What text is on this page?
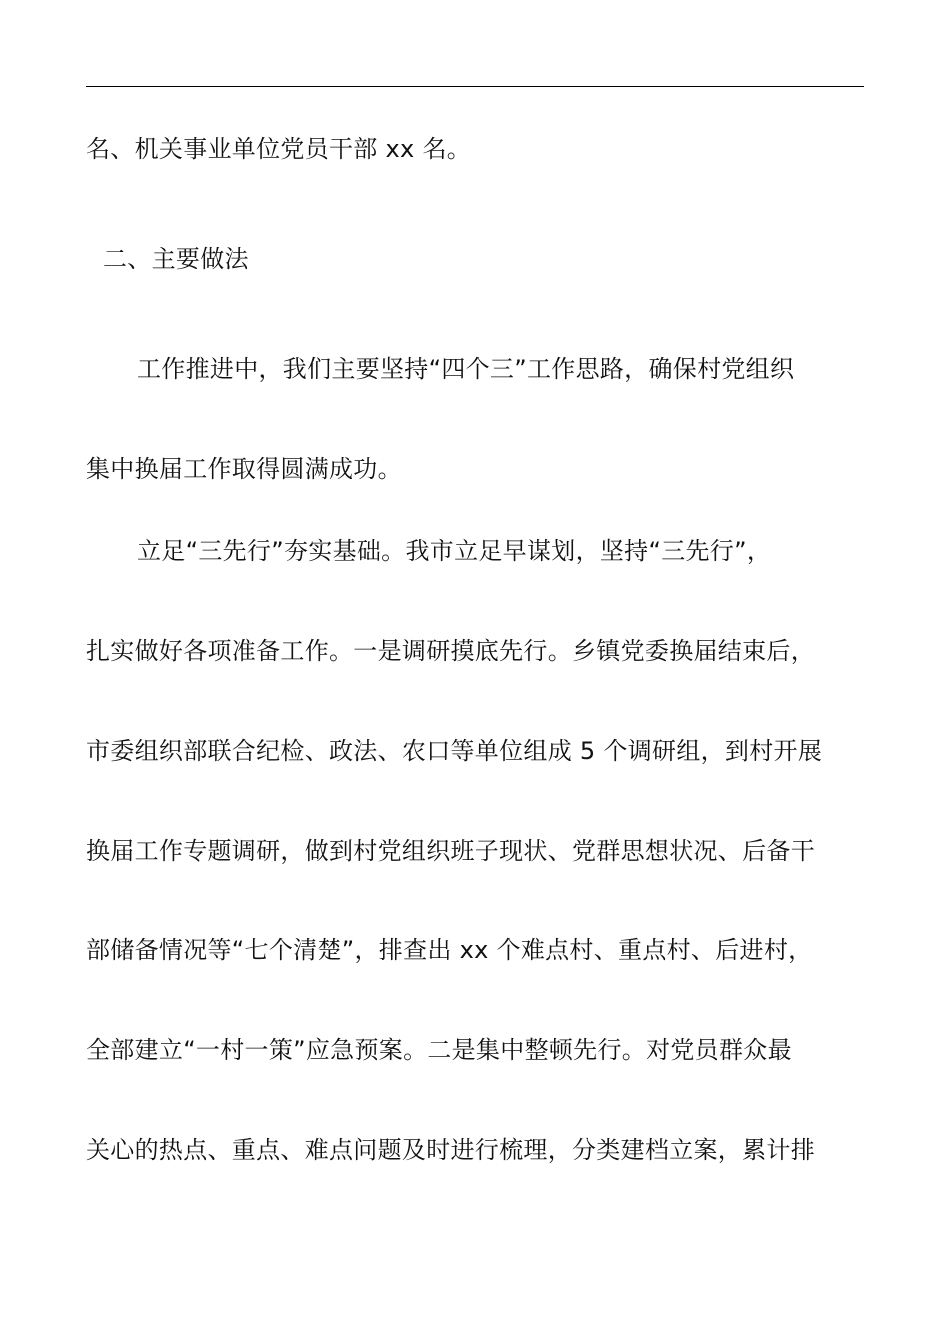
名、机关事业单位党员干部 xx 名。
二、主要做法
工作推进中，我们主要坚持“四个三”工作思路，确保村党组织
集中换届工作取得圆满成功。
立足“三先行”夯实基础。我市立足早谋划，坚持“三先行”，
扎实做好各项准备工作。一是调研摸底先行。乡镇党委换届结束后，
市委组织部联合纪检、政法、农口等单位组成 5 个调研组，到村开展
换届工作专题调研，做到村党组织班子现状、党群思想状况、后备干
部储备情况等“七个清楚”，排查出 xx 个难点村、重点村、后进村，
全部建立“一村一策”应急预案。二是集中整顿先行。对党员群众最
关心的热点、重点、难点问题及时进行梳理，分类建档立案，累计排
